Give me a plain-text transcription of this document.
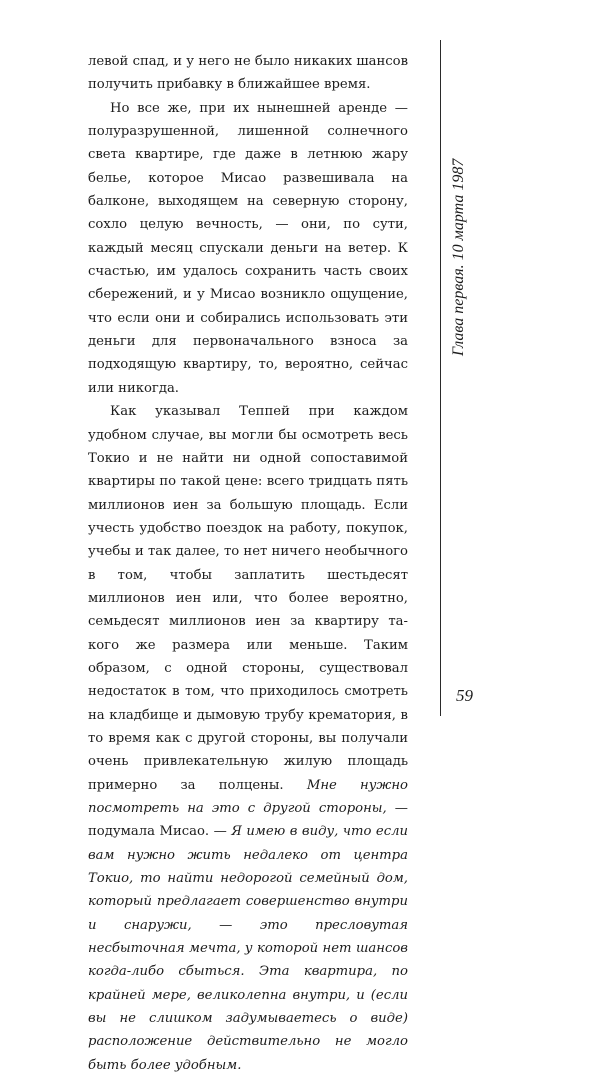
левой спад, и у него не было никаких шансов получить прибавку в ближайшее время.

Но все же, при их нынешней аренде — полуразрушенной, лишенной солнечного света квартире, где даже в летнюю жару белье, которое Мисао развешивала на балконе, выходящем на северную сторону, сохло целую вечность, — они, по сути, каждый месяц спускали деньги на ветер. К счастью, им удалось сохранить часть своих сбережений, и у Мисао возникло ощущение, что если они и собирались использовать эти деньги для первоначального взноса за подходящую квартиру, то, вероятно, сейчас или никогда.

Как указывал Теппей при каждом удобном случае, вы могли бы осмотреть весь Токио и не найти ни одной сопоставимой квартиры по такой цене: всего тридцать пять миллионов иен за большую площадь. Если учесть удобство поездок на работу, покупок, учебы и так далее, то нет ничего необычного в том, чтобы заплатить шестьдесят миллионов иен или, что более вероятно, семьдесят миллионов иен за квартиру такого же размера или меньше. Таким образом, с одной стороны, существовал недостаток в том, что приходилось смотреть на кладбище и дымовую трубу крематория, в то время как с другой стороны, вы получали очень привлекательную жилую площадь примерно за полцены. Мне нужно посмотреть на это с другой стороны, — подумала Мисао. — Я имею в виду, что если вам нужно жить недалеко от центра Токио, то найти недорогой семейный дом, который предлагает совершенство внутри и снаружи, — это пресловутая несбыточная мечта, у которой нет шансов когда-либо сбыться. Эта квартира, по крайней мере, великолепна внутри, и (если вы не слишком задумываетесь о виде) расположение действительно не могло быть более удобным.

Глава первая. 10 марта 1987
59
